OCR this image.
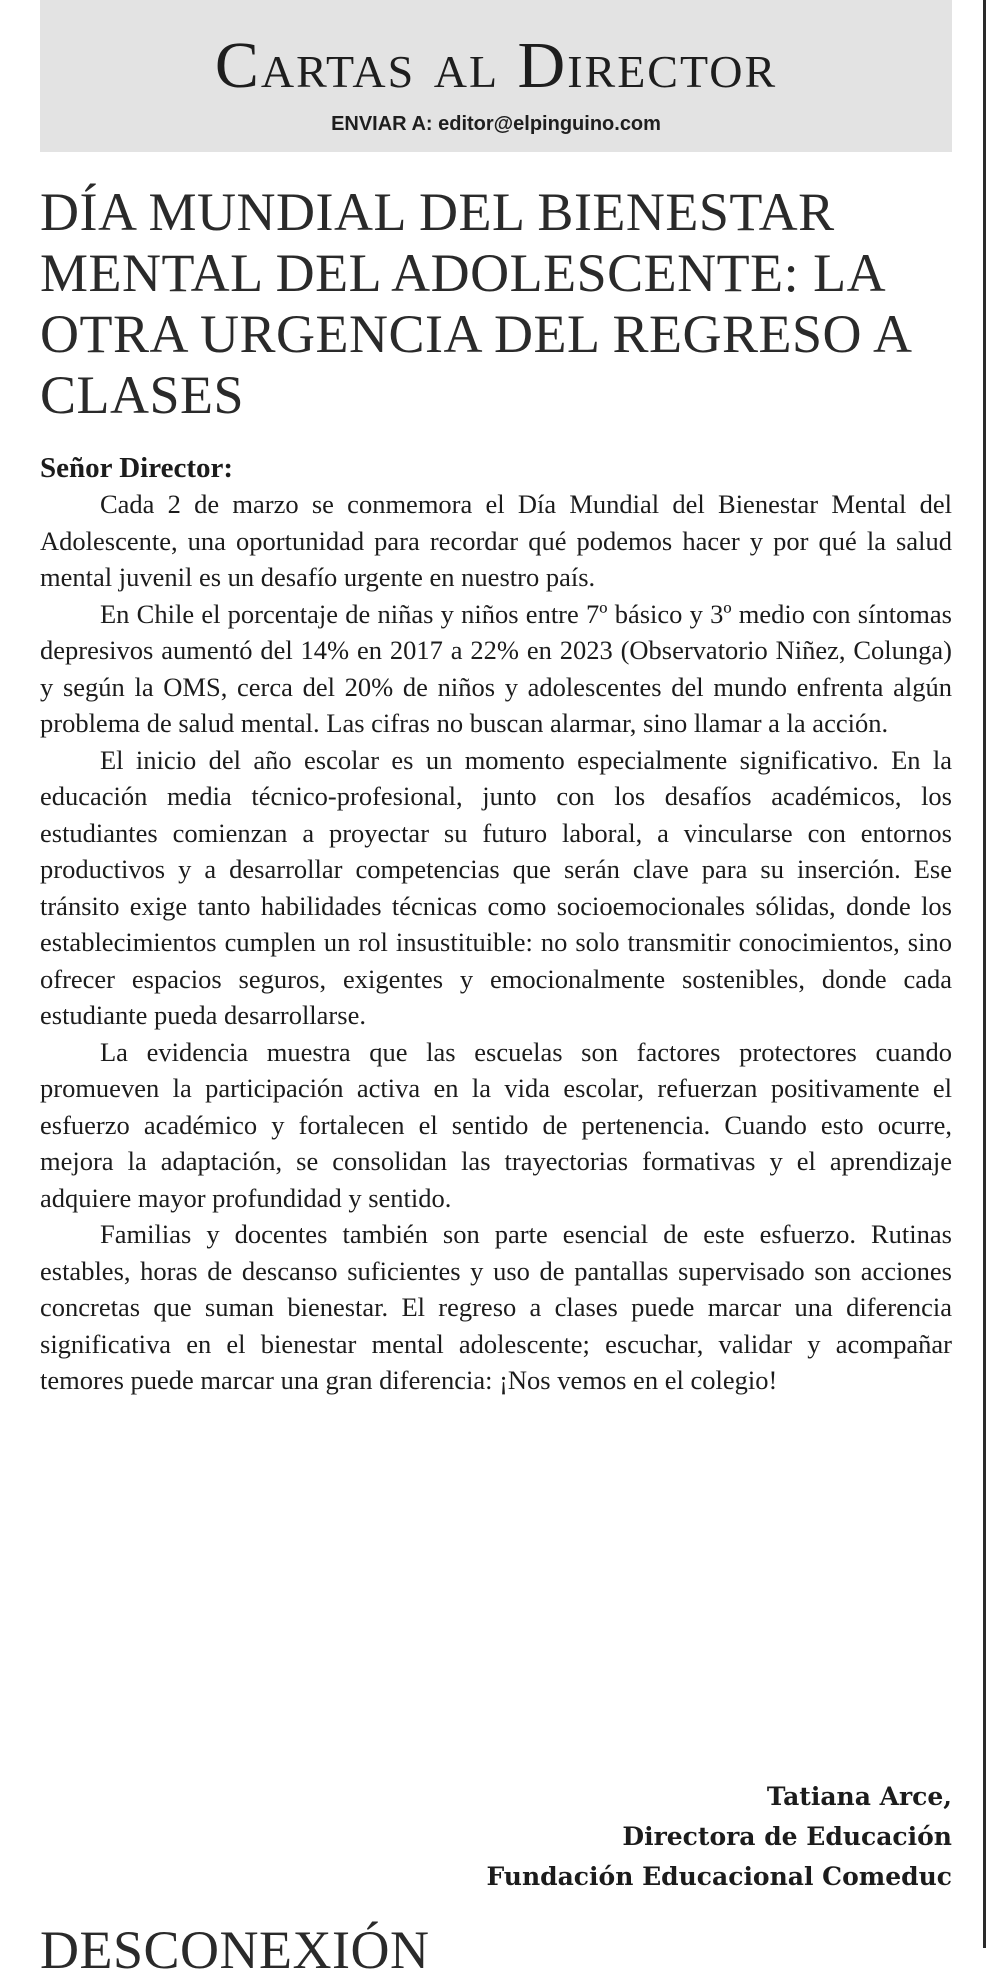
Cartas al Director
ENVIAR A: editor@elpinguino.com
DÍA MUNDIAL DEL BIENESTAR MENTAL DEL ADOLESCENTE: LA OTRA URGENCIA DEL REGRESO A CLASES

Señor Director:

Cada 2 de marzo se conmemora el Día Mundial del Bienestar Mental del Adolescente, una oportunidad para recordar qué podemos hacer y por qué la salud mental juvenil es un desafío urgente en nuestro país.

En Chile el porcentaje de niñas y niños entre 7º básico y 3º medio con síntomas depresivos aumentó del 14% en 2017 a 22% en 2023 (Observatorio Niñez, Colunga) y según la OMS, cerca del 20% de niños y adolescentes del mundo enfrenta algún problema de salud mental. Las cifras no buscan alarmar, sino llamar a la acción.

El inicio del año escolar es un momento especialmente significativo. En la educación media técnico-profesional, junto con los desafíos académicos, los estudiantes comienzan a proyectar su futuro laboral, a vincularse con entornos productivos y a desarrollar competencias que serán clave para su inserción. Ese tránsito exige tanto habilidades técnicas como socioemocionales sólidas, donde los establecimientos cumplen un rol insustituible: no solo transmitir conocimientos, sino ofrecer espacios seguros, exigentes y emocionalmente sostenibles, donde cada estudiante pueda desarrollarse.

La evidencia muestra que las escuelas son factores protectores cuando promueven la participación activa en la vida escolar, refuerzan positivamente el esfuerzo académico y fortalecen el sentido de pertenencia. Cuando esto ocurre, mejora la adaptación, se consolidan las trayectorias formativas y el aprendizaje adquiere mayor profundidad y sentido.

Familias y docentes también son parte esencial de este esfuerzo. Rutinas estables, horas de descanso suficientes y uso de pantallas supervisado son acciones concretas que suman bienestar. El regreso a clases puede marcar una diferencia significativa en el bienestar mental adolescente; escuchar, validar y acompañar temores puede marcar una gran diferencia: ¡Nos vemos en el colegio!

Tatiana Arce,
Directora de Educación
Fundación Educacional Comeduc
DESCONEXIÓN
